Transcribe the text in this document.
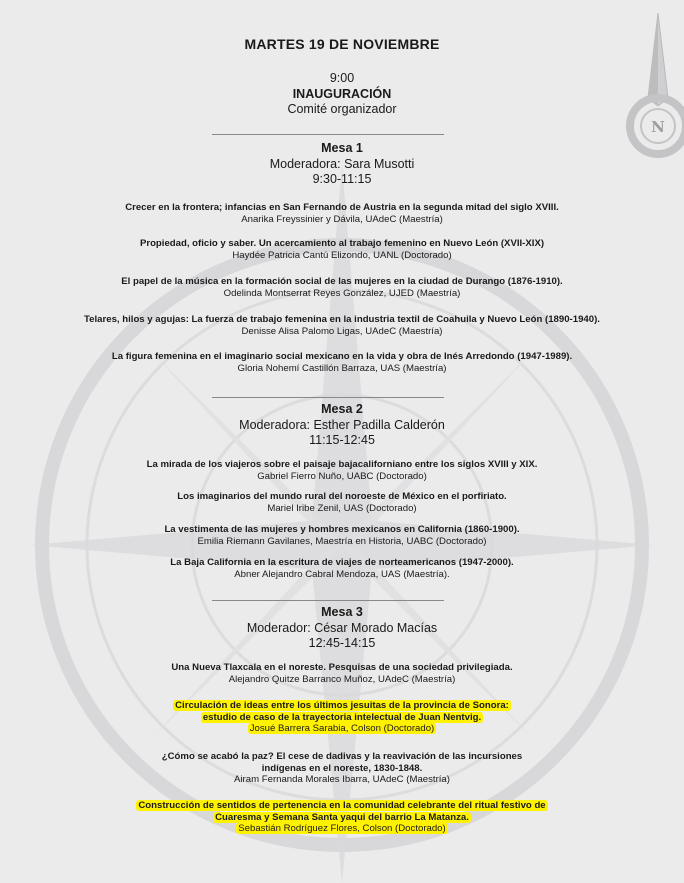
N
MARTES 19 DE NOVIEMBRE
9:00
INAUGURACIÓN
Comité organizador
Mesa 1
Moderadora: Sara Musotti
9:30-11:15
Crecer en la frontera; infancias en San Fernando de Austria en la segunda mitad del siglo XVIII.
Anarika Freyssinier y Dávila, UAdeC (Maestría)
Propiedad, oficio y saber. Un acercamiento al trabajo femenino en Nuevo León (XVII-XIX)
Haydée Patricia Cantú Elizondo, UANL (Doctorado)
El papel de la música en la formación social de las mujeres en la ciudad de Durango (1876-1910).
Odelinda Montserrat Reyes González, UJED (Maestría)
Telares, hilos y agujas: La fuerza de trabajo femenina en la industria textil de Coahuila y Nuevo León (1890-1940).
Denisse Alisa Palomo Ligas, UAdeC (Maestría)
La figura femenina en el imaginario social mexicano en la vida y obra de Inés Arredondo (1947-1989).
Gloria Nohemí Castillón Barraza, UAS (Maestría)
Mesa 2
Moderadora: Esther Padilla Calderón
11:15-12:45
La mirada de los viajeros sobre el paisaje bajacaliforniano entre los siglos XVIII y XIX.
Gabriel Fierro Nuño, UABC (Doctorado)
Los imaginarios del mundo rural del noroeste de México en el porfiriato.
Mariel Iribe Zenil, UAS (Doctorado)
La vestimenta de las mujeres y hombres mexicanos en California (1860-1900).
Emilia Riemann Gavilanes, Maestría en Historia, UABC (Doctorado)
La Baja California en la escritura de viajes de norteamericanos (1947-2000).
Abner Alejandro Cabral Mendoza, UAS (Maestría).
Mesa 3
Moderador: César Morado Macías
12:45-14:15
Una Nueva Tlaxcala en el noreste. Pesquisas de una sociedad privilegiada.
Alejandro Quitze Barranco Muñoz, UAdeC (Maestría)
Circulación de ideas entre los últimos jesuitas de la provincia de Sonora:
estudio de caso de la trayectoria intelectual de Juan Nentvig.
Josué Barrera Sarabia, Colson (Doctorado)
¿Cómo se acabó la paz? El cese de dadivas y la reavivación de las incursiones
indígenas en el noreste, 1830-1848.
Airam Fernanda Morales Ibarra, UAdeC (Maestría)
Construcción de sentidos de pertenencia en la comunidad celebrante del ritual festivo de
Cuaresma y Semana Santa yaqui del barrio La Matanza.
Sebastián Rodríguez Flores, Colson (Doctorado)
